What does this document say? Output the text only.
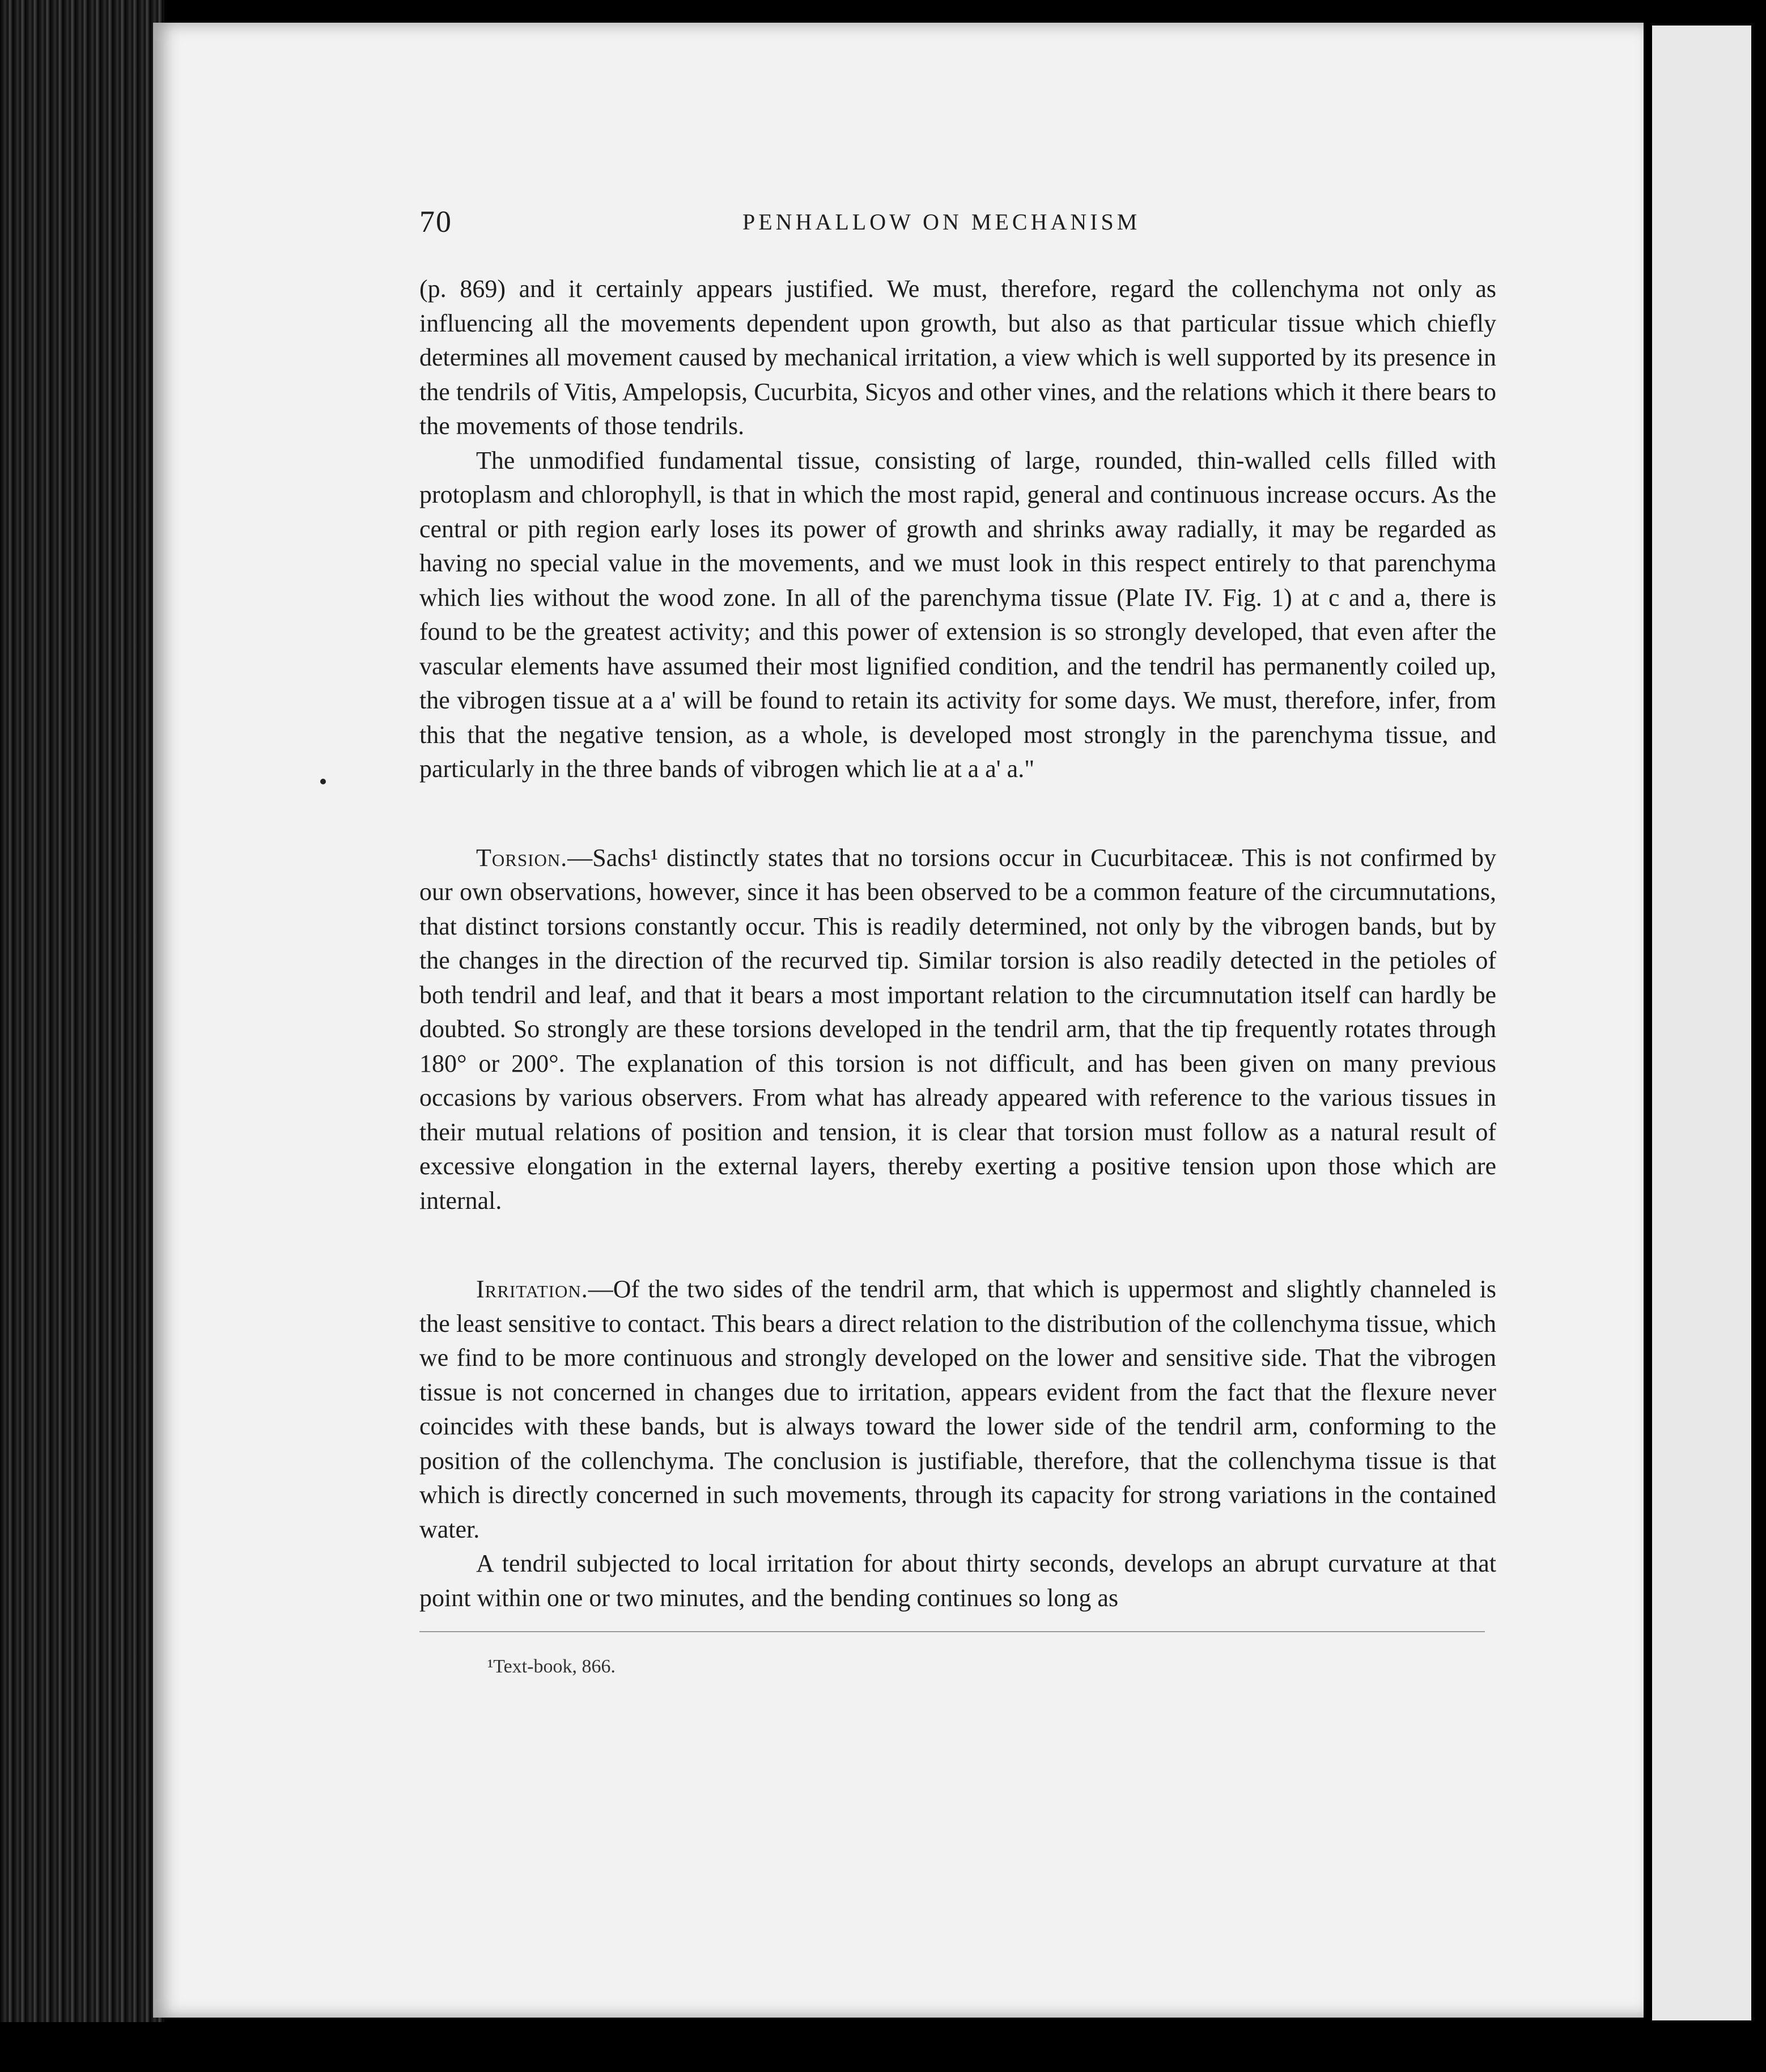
70	PENHALLOW ON MECHANISM

(p. 869) and it certainly appears justified. We must, therefore, regard the collenchyma not only as influencing all the movements dependent upon growth, but also as that particular tissue which chiefly determines all movement caused by mechanical irritation, a view which is well supported by its presence in the tendrils of Vitis, Ampelopsis, Cucurbita, Sicyos and other vines, and the relations which it there bears to the movements of those tendrils.

The unmodified fundamental tissue, consisting of large, rounded, thin-walled cells filled with protoplasm and chlorophyll, is that in which the most rapid, general and continuous increase occurs. As the central or pith region early loses its power of growth and shrinks away radially, it may be regarded as having no special value in the movements, and we must look in this respect entirely to that parenchyma which lies without the wood zone. In all of the parenchyma tissue (Plate IV. Fig. 1) at c and a, there is found to be the greatest activity; and this power of extension is so strongly developed, that even after the vascular elements have assumed their most lignified condition, and the tendril has permanently coiled up, the vibrogen tissue at a a' will be found to retain its activity for some days. We must, therefore, infer, from this that the negative tension, as a whole, is developed most strongly in the parenchyma tissue, and particularly in the three bands of vibrogen which lie at a a' a."

Torsion.—Sachs¹ distinctly states that no torsions occur in Cucurbitaceæ. This is not confirmed by our own observations, however, since it has been observed to be a common feature of the circumnutations, that distinct torsions constantly occur. This is readily determined, not only by the vibrogen bands, but by the changes in the direction of the recurved tip. Similar torsion is also readily detected in the petioles of both tendril and leaf, and that it bears a most important relation to the circumnutation itself can hardly be doubted. So strongly are these torsions developed in the tendril arm, that the tip frequently rotates through 180° or 200°. The explanation of this torsion is not difficult, and has been given on many previous occasions by various observers. From what has already appeared with reference to the various tissues in their mutual relations of position and tension, it is clear that torsion must follow as a natural result of excessive elongation in the external layers, thereby exerting a positive tension upon those which are internal.

Irritation.—Of the two sides of the tendril arm, that which is uppermost and slightly channeled is the least sensitive to contact. This bears a direct relation to the distribution of the collenchyma tissue, which we find to be more continuous and strongly developed on the lower and sensitive side. That the vibrogen tissue is not concerned in changes due to irritation, appears evident from the fact that the flexure never coincides with these bands, but is always toward the lower side of the tendril arm, conforming to the position of the collenchyma. The conclusion is justifiable, therefore, that the collenchyma tissue is that which is directly concerned in such movements, through its capacity for strong variations in the contained water.

A tendril subjected to local irritation for about thirty seconds, develops an abrupt curvature at that point within one or two minutes, and the bending continues so long as

¹Text-book, 866.
